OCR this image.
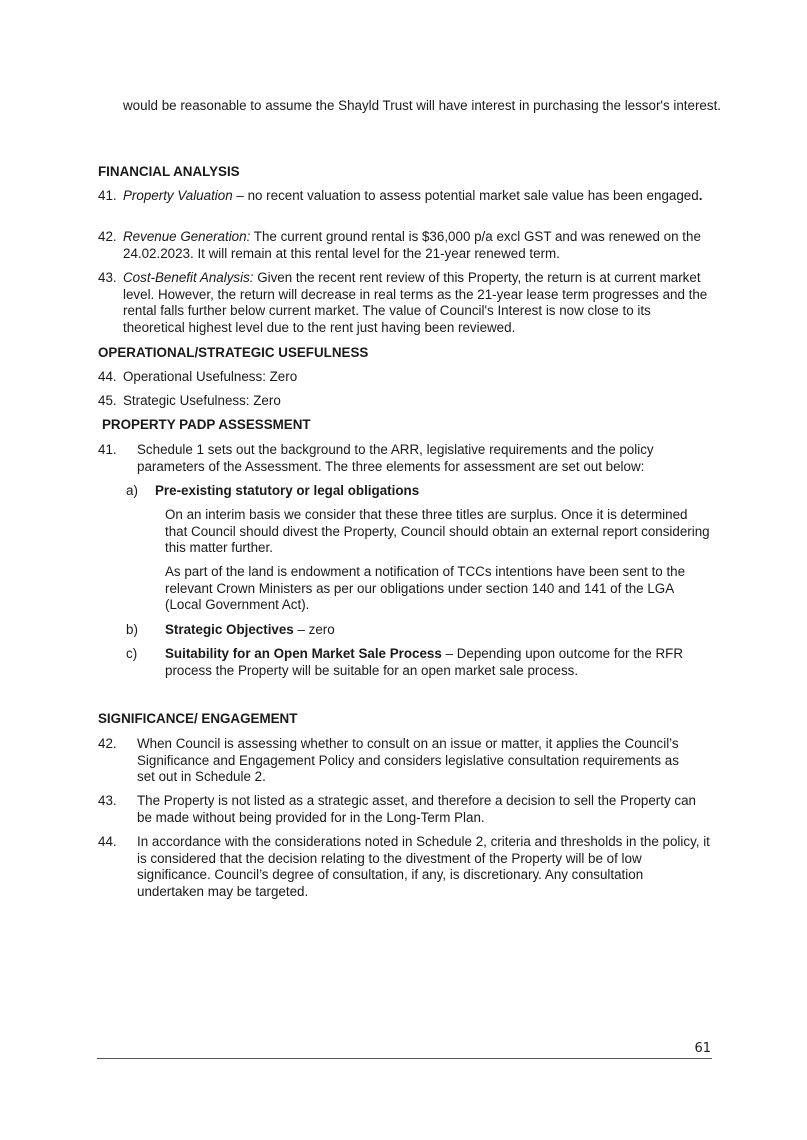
would be reasonable to assume the Shayld Trust will have interest in purchasing the lessor's interest.

FINANCIAL ANALYSIS

41. Property Valuation – no recent valuation to assess potential market sale value has been engaged.

42. Revenue Generation: The current ground rental is $36,000 p/a excl GST and was renewed on the 24.02.2023. It will remain at this rental level for the 21-year renewed term.

43. Cost-Benefit Analysis: Given the recent rent review of this Property, the return is at current market level. However, the return will decrease in real terms as the 21-year lease term progresses and the rental falls further below current market. The value of Council's Interest is now close to its theoretical highest level due to the rent just having been reviewed.

OPERATIONAL/STRATEGIC USEFULNESS

44. Operational Usefulness: Zero

45. Strategic Usefulness: Zero

PROPERTY PADP ASSESSMENT

41. Schedule 1 sets out the background to the ARR, legislative requirements and the policy parameters of the Assessment. The three elements for assessment are set out below:

a) Pre-existing statutory or legal obligations

On an interim basis we consider that these three titles are surplus. Once it is determined that Council should divest the Property, Council should obtain an external report considering this matter further.

As part of the land is endowment a notification of TCCs intentions have been sent to the relevant Crown Ministers as per our obligations under section 140 and 141 of the LGA (Local Government Act).

b) Strategic Objectives – zero

c) Suitability for an Open Market Sale Process – Depending upon outcome for the RFR process the Property will be suitable for an open market sale process.

SIGNIFICANCE/ ENGAGEMENT

42. When Council is assessing whether to consult on an issue or matter, it applies the Council’s Significance and Engagement Policy and considers legislative consultation requirements as set out in Schedule 2.

43. The Property is not listed as a strategic asset, and therefore a decision to sell the Property can be made without being provided for in the Long-Term Plan.

44. In accordance with the considerations noted in Schedule 2, criteria and thresholds in the policy, it is considered that the decision relating to the divestment of the Property will be of low significance. Council’s degree of consultation, if any, is discretionary. Any consultation undertaken may be targeted.

61
